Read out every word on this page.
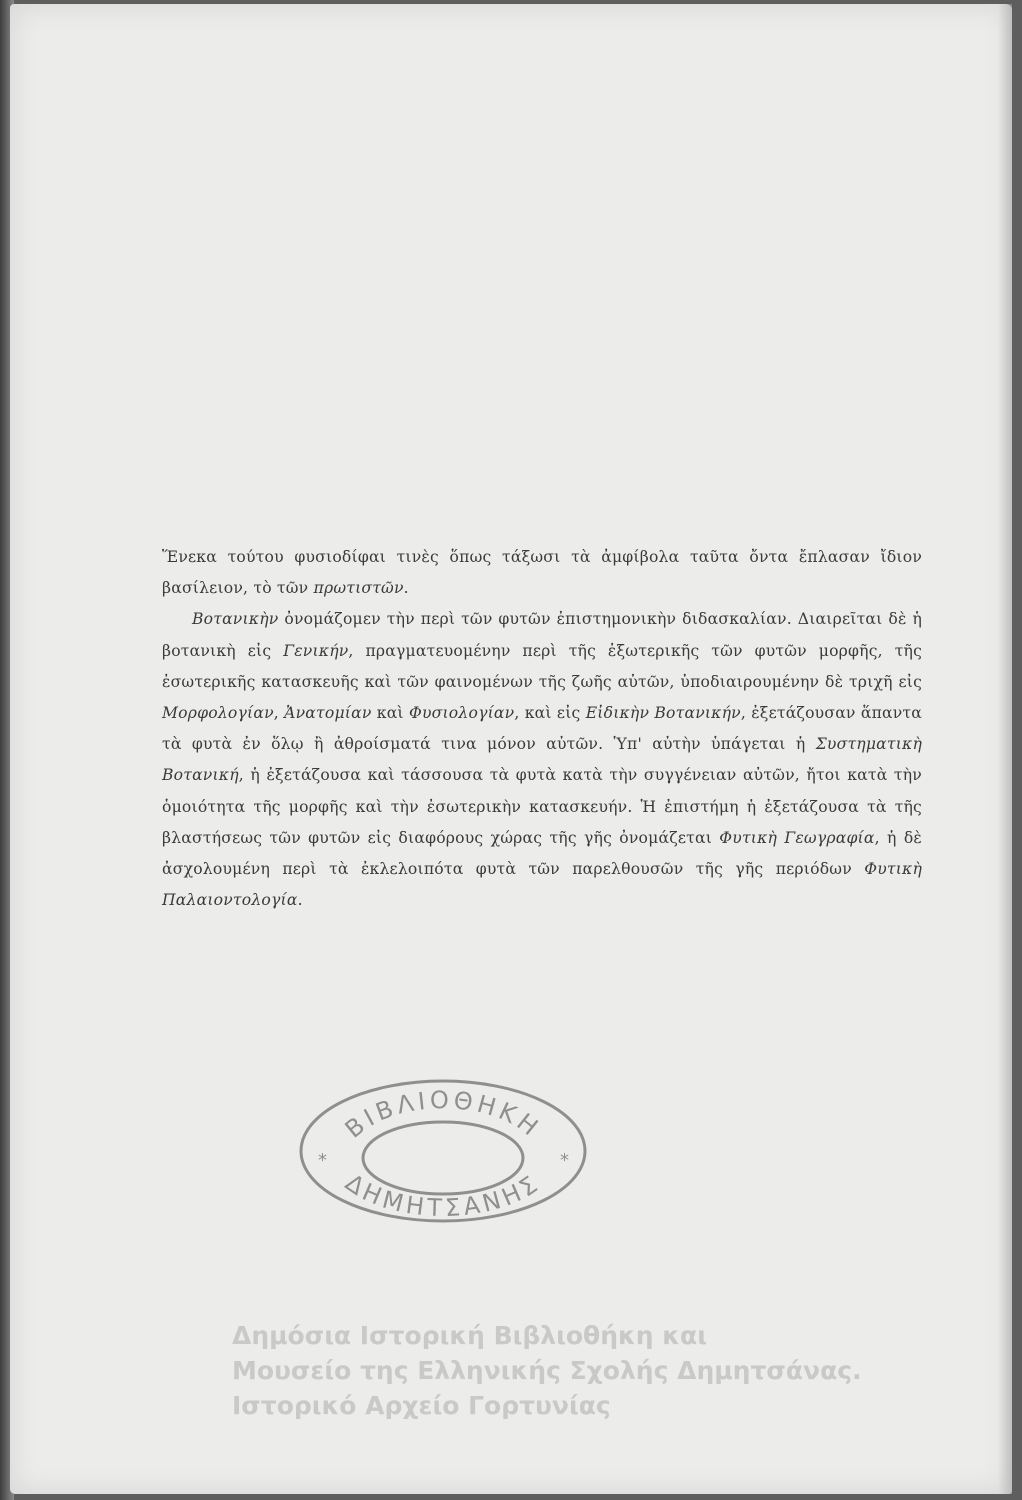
Ἕνεκα τούτου φυσιοδίφαι τινὲς ὅπως τάξωσι τὰ ἀμφίβολα ταῦτα ὄντα ἔπλασαν ἴδιον βασίλειον, τὸ τῶν πρωτιστῶν.

Βοτανικὴν ὀνομάζομεν τὴν περὶ τῶν φυτῶν ἐπιστημονικὴν διδασκαλίαν. Διαιρεῖται δὲ ἡ βοτανικὴ εἰς Γενικήν, πραγματευομένην περὶ τῆς ἐξωτερικῆς τῶν φυτῶν μορφῆς, τῆς ἐσωτερικῆς κατασκευῆς καὶ τῶν φαινομένων τῆς ζωῆς αὐτῶν, ὑποδιαιρουμένην δὲ τριχῆ εἰς Μορφολογίαν, Ἀνατομίαν καὶ Φυσιολογίαν, καὶ εἰς Εἰδικὴν Βοτανικήν, ἐξετάζουσαν ἅπαντα τὰ φυτὰ ἐν ὅλῳ ἢ ἀθροίσματά τινα μόνον αὐτῶν. Ὑπ' αὐτὴν ὑπάγεται ἡ Συστηματικὴ Βοτανική, ἡ ἐξετάζουσα καὶ τάσσουσα τὰ φυτὰ κατὰ τὴν συγγένειαν αὐτῶν, ἤτοι κατὰ τὴν ὁμοιότητα τῆς μορφῆς καὶ τὴν ἐσωτερικὴν κατασκευήν. Ἡ ἐπιστήμη ἡ ἐξετάζουσα τὰ τῆς βλαστήσεως τῶν φυτῶν εἰς διαφόρους χώρας τῆς γῆς ὀνομάζεται Φυτικὴ Γεωγραφία, ἡ δὲ ἀσχολουμένη περὶ τὰ ἐκλελοιπότα φυτὰ τῶν παρελθουσῶν τῆς γῆς περιόδων Φυτικὴ Παλαιοντολογία.

ΒΙΒΛΙΟΘΗΚΗ
ΔΗΜΗΤΣΑΝΗΣ
*	*
Δημόσια Ιστορική Βιβλιοθήκη και
Μουσείο της Ελληνικής Σχολής Δημητσάνας.
Ιστορικό Αρχείο Γορτυνίας
